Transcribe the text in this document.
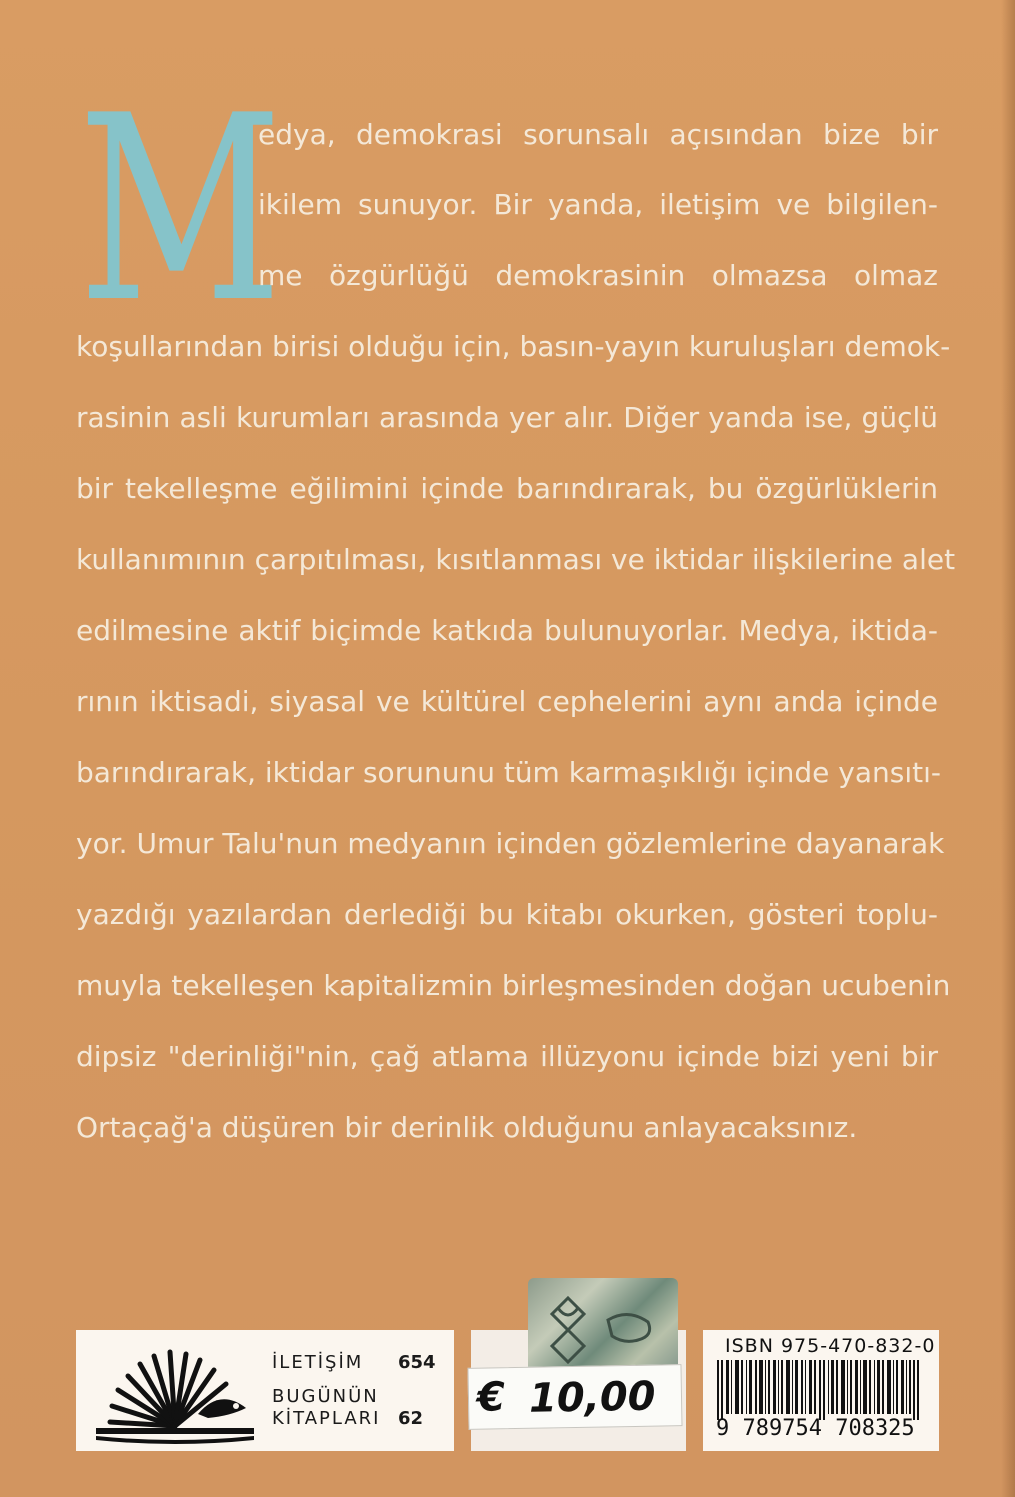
M
edya, demokrasi sorunsalı açısından bize bir
ikilem sunuyor. Bir yanda, iletişim ve bilgilen-
me özgürlüğü demokrasinin olmazsa olmaz
koşullarından birisi olduğu için, basın-yayın kuruluşları demok-
rasinin asli kurumları arasında yer alır. Diğer yanda ise, güçlü
bir tekelleşme eğilimini içinde barındırarak, bu özgürlüklerin
kullanımının çarpıtılması, kısıtlanması ve iktidar ilişkilerine alet
edilmesine aktif biçimde katkıda bulunuyorlar. Medya, iktida-
rının iktisadi, siyasal ve kültürel cephelerini aynı anda içinde
barındırarak, iktidar sorununu tüm karmaşıklığı içinde yansıtı-
yor. Umur Talu'nun medyanın içinden gözlemlerine dayanarak
yazdığı yazılardan derlediği bu kitabı okurken, gösteri toplu-
muyla tekelleşen kapitalizmin birleşmesinden doğan ucubenin
dipsiz "derinliği"nin, çağ atlama illüzyonu içinde bizi yeni bir
Ortaçağ'a düşüren bir derinlik olduğunu anlayacaksınız.
İLETİŞİM 654
BUGÜNÜN
KİTAPLARI 62 € 10,00
ISBN 975-470-832-0
9 789754 708325
